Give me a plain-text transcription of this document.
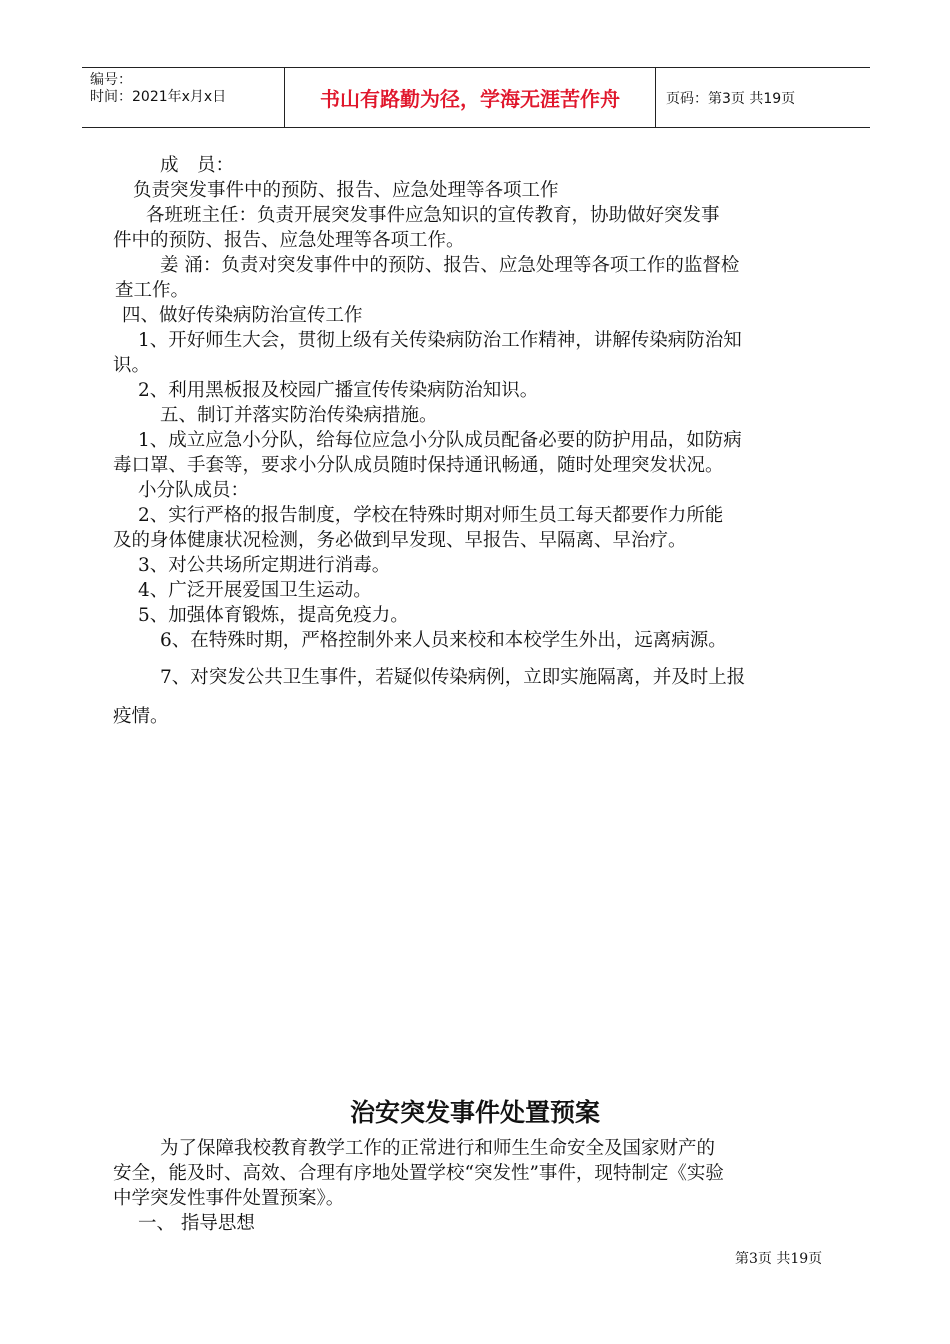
编号：
时间：2021年x月x日	书山有路勤为径，学海无涯苦作舟	页码：第3页 共19页
成　员：
负责突发事件中的预防、报告、应急处理等各项工作
各班班主任：负责开展突发事件应急知识的宣传教育，协助做好突发事
件中的预防、报告、应急处理等各项工作。
姜 涌：负责对突发事件中的预防、报告、应急处理等各项工作的监督检
查工作。
四、做好传染病防治宣传工作
1、开好师生大会，贯彻上级有关传染病防治工作精神，讲解传染病防治知
识。
2、利用黑板报及校园广播宣传传染病防治知识。
五、制订并落实防治传染病措施。
1、成立应急小分队，给每位应急小分队成员配备必要的防护用品，如防病
毒口罩、手套等，要求小分队成员随时保持通讯畅通，随时处理突发状况。
小分队成员：
2、实行严格的报告制度，学校在特殊时期对师生员工每天都要作力所能
及的身体健康状况检测，务必做到早发现、早报告、早隔离、早治疗。
3、对公共场所定期进行消毒。
4、广泛开展爱国卫生运动。
5、加强体育锻炼，提高免疫力。
6、在特殊时期，严格控制外来人员来校和本校学生外出，远离病源。
7、对突发公共卫生事件，若疑似传染病例，立即实施隔离，并及时上报
疫情。
治安突发事件处置预案
为了保障我校教育教学工作的正常进行和师生生命安全及国家财产的
安全，能及时、高效、合理有序地处置学校“突发性”事件，现特制定《实验
中学突发性事件处置预案》。
一、 指导思想
第3页 共19页
